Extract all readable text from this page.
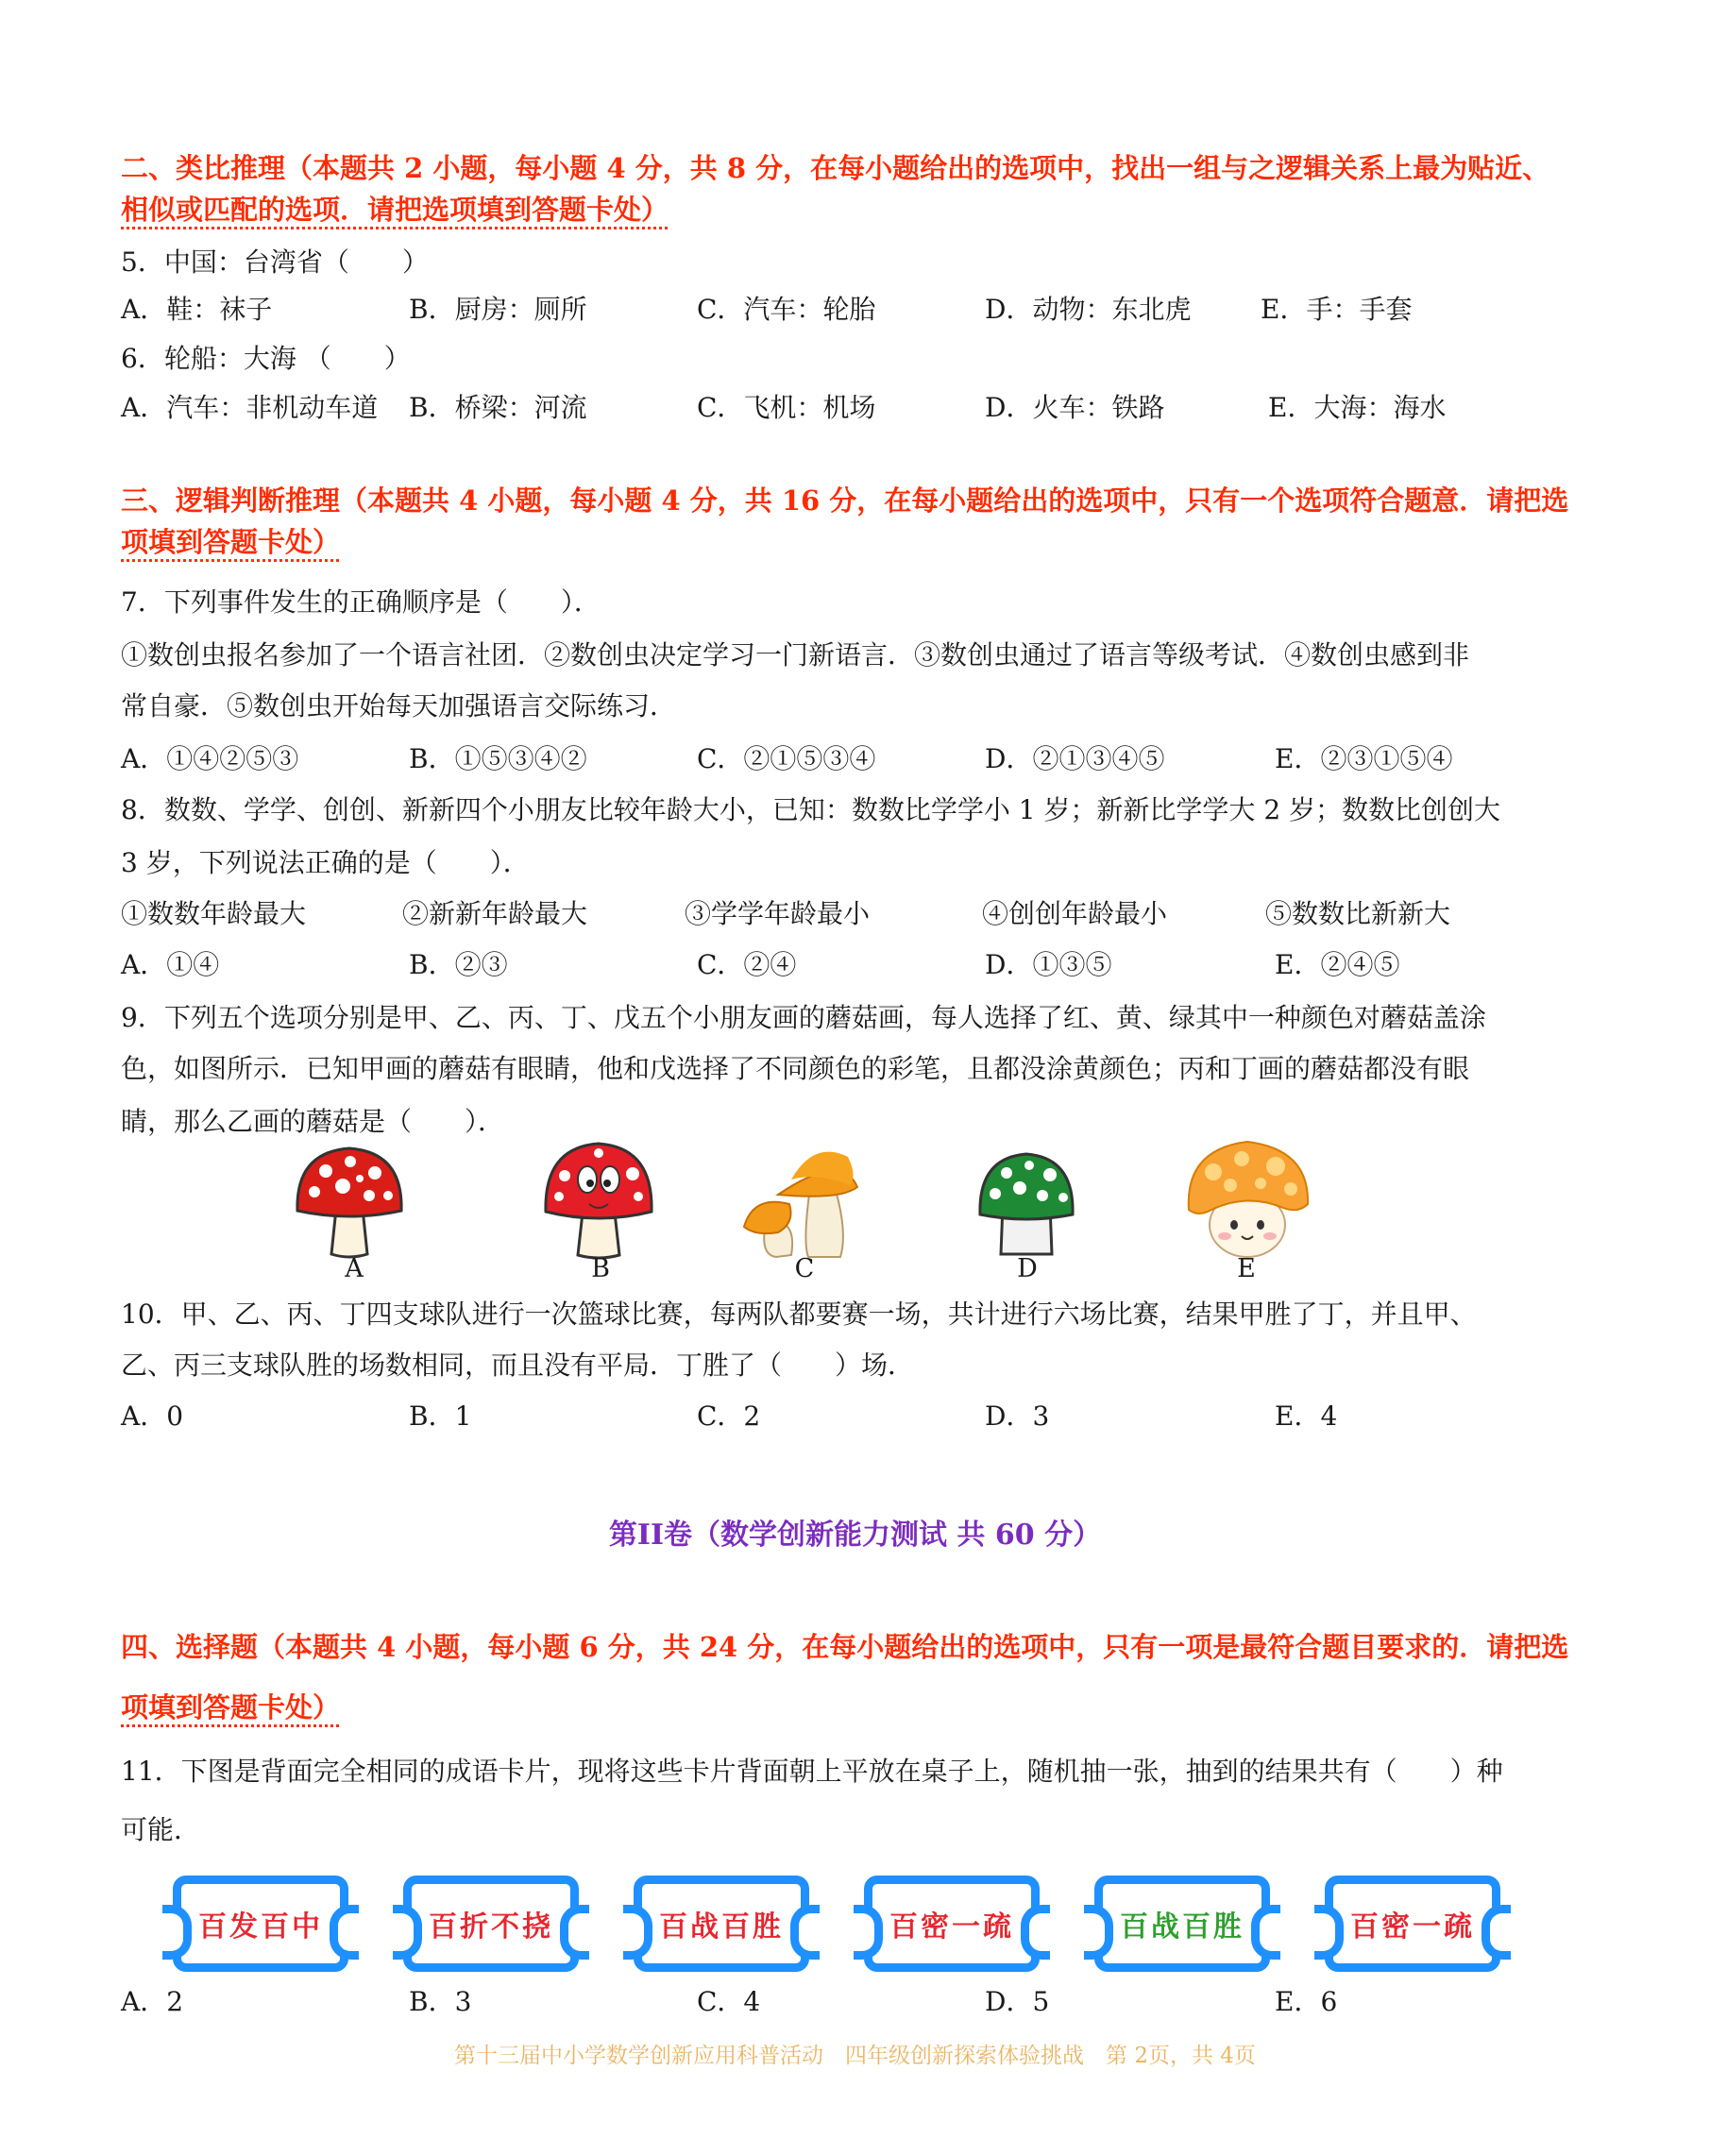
二、类比推理（本题共 2 小题，每小题 4 分，共 8 分，在每小题给出的选项中，找出一组与之逻辑关系上最为贴近、
相似或匹配的选项．请把选项填到答题卡处）
5．中国：台湾省（　　）
A．鞋：袜子	B．厨房：厕所	C．汽车：轮胎	D．动物：东北虎	E．手：手套
6．轮船：大海 （　　）
A．汽车：非机动车道 B．桥梁：河流	C．飞机：机场	D．火车：铁路	E．大海：海水
三、逻辑判断推理（本题共 4 小题，每小题 4 分，共 16 分，在每小题给出的选项中，只有一个选项符合题意．请把选
项填到答题卡处）
7．下列事件发生的正确顺序是（　　）．
①数创虫报名参加了一个语言社团．②数创虫决定学习一门新语言．③数创虫通过了语言等级考试．④数创虫感到非
常自豪．⑤数创虫开始每天加强语言交际练习．
A．①④②⑤③	B．①⑤③④②	C．②①⑤③④	D．②①③④⑤	E．②③①⑤④
8．数数、学学、创创、新新四个小朋友比较年龄大小，已知：数数比学学小 1 岁；新新比学学大 2 岁；数数比创创大
3 岁，下列说法正确的是（　　）．
①数数年龄最大	②新新年龄最大	③学学年龄最小	④创创年龄最小	⑤数数比新新大
A．①④	B．②③	C．②④	D．①③⑤	E．②④⑤
9．下列五个选项分别是甲、乙、丙、丁、戊五个小朋友画的蘑菇画，每人选择了红、黄、绿其中一种颜色对蘑菇盖涂
色，如图所示．已知甲画的蘑菇有眼睛，他和戊选择了不同颜色的彩笔，且都没涂黄颜色；丙和丁画的蘑菇都没有眼
睛，那么乙画的蘑菇是（　　）．
A	B	C	D	E
10．甲、乙、丙、丁四支球队进行一次篮球比赛，每两队都要赛一场，共计进行六场比赛，结果甲胜了丁，并且甲、
乙、丙三支球队胜的场数相同，而且没有平局．丁胜了（　　）场．
A．0	B．1	C．2	D．3	E．4
第II卷（数学创新能力测试 共 60 分）
四、选择题（本题共 4 小题，每小题 6 分，共 24 分，在每小题给出的选项中，只有一项是最符合题目要求的．请把选
项填到答题卡处）
11．下图是背面完全相同的成语卡片，现将这些卡片背面朝上平放在桌子上，随机抽一张，抽到的结果共有（　　）种
可能．
百发百中	百折不挠	百战百胜	百密一疏	百战百胜	百密一疏
A．2	B．3	C．4	D．5	E．6
第十三届中小学数学创新应用科普活动　四年级创新探索体验挑战　第 2页，共 4页
